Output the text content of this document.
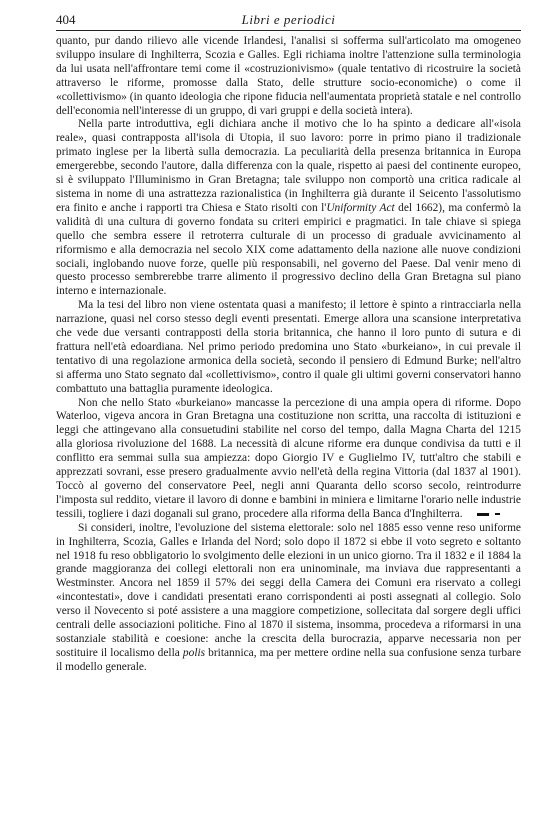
404	Libri e periodici

quanto, pur dando rilievo alle vicende Irlandesi, l'analisi si sofferma sull'articolato ma omogeneo sviluppo insulare di Inghilterra, Scozia e Galles. Egli richiama inoltre l'attenzione sulla terminologia da lui usata nell'affrontare temi come il «costruzionivismo» (quale tentativo di ricostruire la società attraverso le riforme, promosse dalla Stato, delle strutture socio-economiche) o come il «collettivismo» (in quanto ideologia che ripone fiducia nell'aumentata proprietà statale e nel controllo dell'economia nell'interesse di un gruppo, di vari gruppi e della società intera).

Nella parte introduttiva, egli dichiara anche il motivo che lo ha spinto a dedicare all'«isola reale», quasi contrapposta all'isola di Utopia, il suo lavoro: porre in primo piano il tradizionale primato inglese per la libertà sulla democrazia. La peculiarità della presenza britannica in Europa emergerebbe, secondo l'autore, dalla differenza con la quale, rispetto ai paesi del continente europeo, si è sviluppato l'Illuminismo in Gran Bretagna; tale sviluppo non comportò una critica radicale al sistema in nome di una astrattezza razionalistica (in Inghilterra già durante il Seicento l'assolutismo era finito e anche i rapporti tra Chiesa e Stato risolti con l'Uniformity Act del 1662), ma confermò la validità di una cultura di governo fondata su criteri empirici e pragmatici. In tale chiave si spiega quello che sembra essere il retroterra culturale di un processo di graduale avvicinamento al riformismo e alla democrazia nel secolo XIX come adattamento della nazione alle nuove condizioni sociali, inglobando nuove forze, quelle più responsabili, nel governo del Paese. Dal venir meno di questo processo sembrerebbe trarre alimento il progressivo declino della Gran Bretagna sul piano interno e internazionale.

Ma la tesi del libro non viene ostentata quasi a manifesto; il lettore è spinto a rintracciarla nella narrazione, quasi nel corso stesso degli eventi presentati. Emerge allora una scansione interpretativa che vede due versanti contrapposti della storia britannica, che hanno il loro punto di sutura e di frattura nell'età edoardiana. Nel primo periodo predomina uno Stato «burkeiano», in cui prevale il tentativo di una regolazione armonica della società, secondo il pensiero di Edmund Burke; nell'altro si afferma uno Stato segnato dal «collettivismo», contro il quale gli ultimi governi conservatori hanno combattuto una battaglia puramente ideologica.

Non che nello Stato «burkeiano» mancasse la percezione di una ampia opera di riforme. Dopo Waterloo, vigeva ancora in Gran Bretagna una costituzione non scritta, una raccolta di istituzioni e leggi che attingevano alla consuetudini stabilite nel corso del tempo, dalla Magna Charta del 1215 alla gloriosa rivoluzione del 1688. La necessità di alcune riforme era dunque condivisa da tutti e il conflitto era semmai sulla sua ampiezza: dopo Giorgio IV e Guglielmo IV, tutt'altro che stabili e apprezzati sovrani, esse presero gradualmente avvio nell'età della regina Vittoria (dal 1837 al 1901). Toccò al governo del conservatore Peel, negli anni Quaranta dello scorso secolo, reintrodurre l'imposta sul reddito, vietare il lavoro di donne e bambini in miniera e limitarne l'orario nelle industrie tessili, togliere i dazi doganali sul grano, procedere alla riforma della Banca d'Inghilterra.

Si consideri, inoltre, l'evoluzione del sistema elettorale: solo nel 1885 esso venne reso uniforme in Inghilterra, Scozia, Galles e Irlanda del Nord; solo dopo il 1872 si ebbe il voto segreto e soltanto nel 1918 fu reso obbligatorio lo svolgimento delle elezioni in un unico giorno. Tra il 1832 e il 1884 la grande maggioranza dei collegi elettorali non era uninominale, ma inviava due rappresentanti a Westminster. Ancora nel 1859 il 57% dei seggi della Camera dei Comuni era riservato a collegi «incontestati», dove i candidati presentati erano corrispondenti ai posti assegnati al collegio. Solo verso il Novecento si poté assistere a una maggiore competizione, sollecitata dal sorgere degli uffici centrali delle associazioni politiche. Fino al 1870 il sistema, insomma, procedeva a riformarsi in una sostanziale stabilità e coesione: anche la crescita della burocrazia, apparve necessaria non per sostituire il localismo della polis britannica, ma per mettere ordine nella sua confusione senza turbare il modello generale.
